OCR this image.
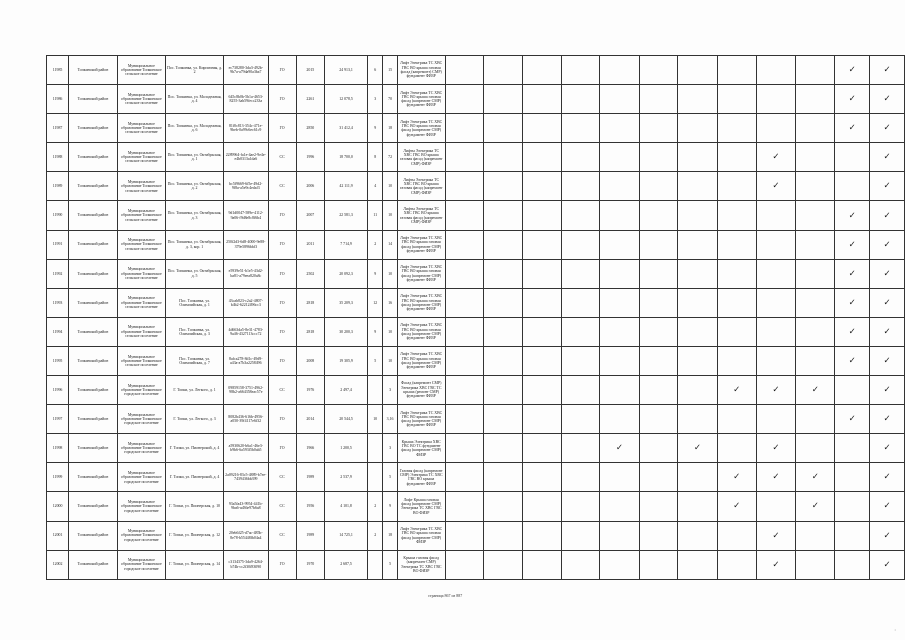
11985	Топкинский район	Муниципальное образование Топкинское сельское поселение	Пос. Топкинка, ул. Кирпичная, д. 2	ес738280-3da3-492b-9b7a-a79da90a3ba7	ГО	2015	24 913,1	6	15	Лифт Электрика ТС ХВС ГВС ВО крыша газовая фасад (капремонт) СМР) фундамент ФИЗР											✓	✓
11986	Топкинский район	Муниципальное образование Топкинское сельское поселение	Пос. Топкинка, ул. Молодежная, д. 4	645c8b0b-5b1a-4653-8255-3ab59fecc233a	ГО	2261	12 078,5	3	70	Лифт Электрика ТС ХВС ГВС ВО крыша газовая фасад (капремонт СМР) фундамент ФИЗР											✓	✓
11987	Топкинский район	Муниципальное образование Топкинское сельское поселение	Пос. Топкинка, ул. Молодежная, д. 6	81f0c813-354c-471e-9beb-0a99c6ec61c9	ГО	2850	31 412,4	9	18	Лифт Электрика ТС ХВС ГВС ВО крыша газовая фасад (капремонт СМР) фундамент ФИЗР											✓	✓
11988	Топкинский район	Муниципальное образование Топкинское сельское поселение	Пос. Топкинка, ул. Октябрьская, д. 1	2289964-fa1e-4ae2-9e4e-e4b0313a1da6	СС	1996	18 700,0	8	72	Лифты Электрика ТС ХВС ГВС ВО крыша газовая фасад (капремонт СМР) ФИЗР									✓			✓
11989	Топкинский район	Муниципальное образование Топкинское сельское поселение	Пос. Топкинка, ул. Октябрьская, д. 2	bc5f9669-6f5e-49d2-9f8a-a5e9c4edaf3	СС	2006	42 111,9	4	10	Лифты Электрика ТС ХВС ГВС ВО крыша газовая фасад (капремонт СМР) ФИЗР									✓			✓
11990	Топкинский район	Муниципальное образование Топкинское сельское поселение	Пос. Топкинка, ул. Октябрьская, д. 3	9d1d0047-589e-4112-9a06-f9d8e8c8f6b4	ГО	2007	22 581,3	11	10	Лифты Электрика ТС ХВС ГВС ВО крыша газовая фасад (капремонт СМР) ФИЗР											✓	✓
11991	Топкинский район	Муниципальное образование Топкинское сельское поселение	Пос. Топкинка, ул. Октябрьская, д. 3, кор. 1	250f2d3-6d8-4000-9e88-379e5896bbf3	ГО	2011	7 714,9	2	14	Лифт Электрика ТС ХВС ГВС ВО крыша газовая фасад (капремонт СМР) фундамент ФИЗР											✓	✓
11992	Топкинский район	Муниципальное образование Топкинское сельское поселение	Пос. Топкинка, ул. Октябрьская, д. 5	e5939e51-b1e5-43d2-ba81-a79eea820a8c	ГО	2502	20 092,3	9	10	Лифт Электрика ТС ХВС ГВС ВО крыша газовая фасад (капремонт СМР) фундамент ФИЗР											✓	✓
11993	Топкинский район	Муниципальное образование Топкинское сельское поселение	Пос. Топкинка, ул. Олимпийская, д. 1	43cab823-c2a2-4807-b4b2-62212496cc3	ГО	2818	35 209,3	12	16	Лифт Электрика ТС ХВС ГВС ВО крыша газовая фасад (капремонт СМР) фундамент ФИЗР											✓	✓
11994	Топкинский район	Муниципальное образование Топкинское сельское поселение	Пос. Топкинка, ул. Олимпийская, д. 3	4d663da5-8e31-4783-9a46-4327113ccc72	ГО	2818	30 200,3	9	10	Лифт Электрика ТС ХВС ГВС ВО крыша газовая фасад (капремонт СМР) фундамент ФИЗР											✓	✓
11995	Топкинский район	Муниципальное образование Топкинское сельское поселение	Пос. Топкинка, ул. Олимпийская, д. 7	8afca278-8d1c-49d9-a43a-a7b3a2258496	ГО	2008	19 305,9	5	10	Лифт Электрика ТС ХВС ГВС ВО крыша газовая фасад (капремонт СМР) фундамент ФИЗР											✓	✓
11996	Топкинский район	Муниципальное образование Топкинское городское поселение	Г. Топки, ул. Легкого, д. 1	09859158-3751-4962-98b2-a664358eac57e	СС	1976	2 497,4		3	Фасад (капремонт СМР) Электрика ХВС ГВС ТС крыша (ремонт СМР) фундамент ФИЗР								✓	✓	✓		✓
11997	Топкинский район	Муниципальное образование Топкинское городское поселение	Г. Топки, ул. Легкого, д. 3	8082b436-616b-4956-a050-39f4117e6f32	ГО	2014	20 544,5	10	3,16	Лифт Электрика ТС ХВС ГВС ВО крыша газовая фасад (капремонт СМР) фундамент ФИЗР											✓	✓
11998	Топкинский район	Муниципальное образование Топкинское городское поселение	Г. Топки, ул. Пионерский, д. 4	a5930620-b6a1-46e3-b9b6-6a593f5b0ab5	ГО	1966	1 200,5		3	Крыша Электрика ХВС ГВС ВО ТС фундамент фасад (капремонт СМР) ФИЗР					✓		✓		✓			✓
11999	Топкинский район	Муниципальное образование Топкинское городское поселение	Г. Топки, ул. Пионерский, д. 4	2a09216-83c5-4889-b7ee-7439436bb399	СС	1989	2 537,9		5	Газовая фасад (капремонт СМР) Электрика ТС ХВС ГВС ВО крыша фундамент ФИЗР								✓	✓	✓		✓
12000	Топкинский район	Муниципальное образование Топкинское городское поселение	Г. Топки, ул. Пионерская, д. 10	93a5fa43-9954-441b-9ba6-ad36e97b6a8	СС	1956	4 101,8	2	9	Лифт Крыша газовая фасад (капремонт СМР) Электрика ТС ХВС ГВС ВО ФИЗР								✓		✓		✓
12001	Топкинский район	Муниципальное образование Топкинское городское поселение	Г. Топки, ул. Пионерская, д. 12	20eb6f25-d7ac-485b-8e78-b55448fb04a4	СС	1989	14 725,1	2	18	Лифт Электрика ТС ХВС ГВС ВО крыша газовая фасад (капремонт СМР) ФИЗР									✓			✓
12002	Топкинский район	Муниципальное образование Топкинское городское поселение	Г. Топки, ул. Пионерская, д. 14	c3134375-3da9-4264-b74b-cc2f30f83090	ГО	1970	2 687,5		5	Крыша газовая фасад (капремонт СМР) Электрика ТС ХВС ГВС ВО ФИЗР									✓			✓
страница 867 из 887
·
